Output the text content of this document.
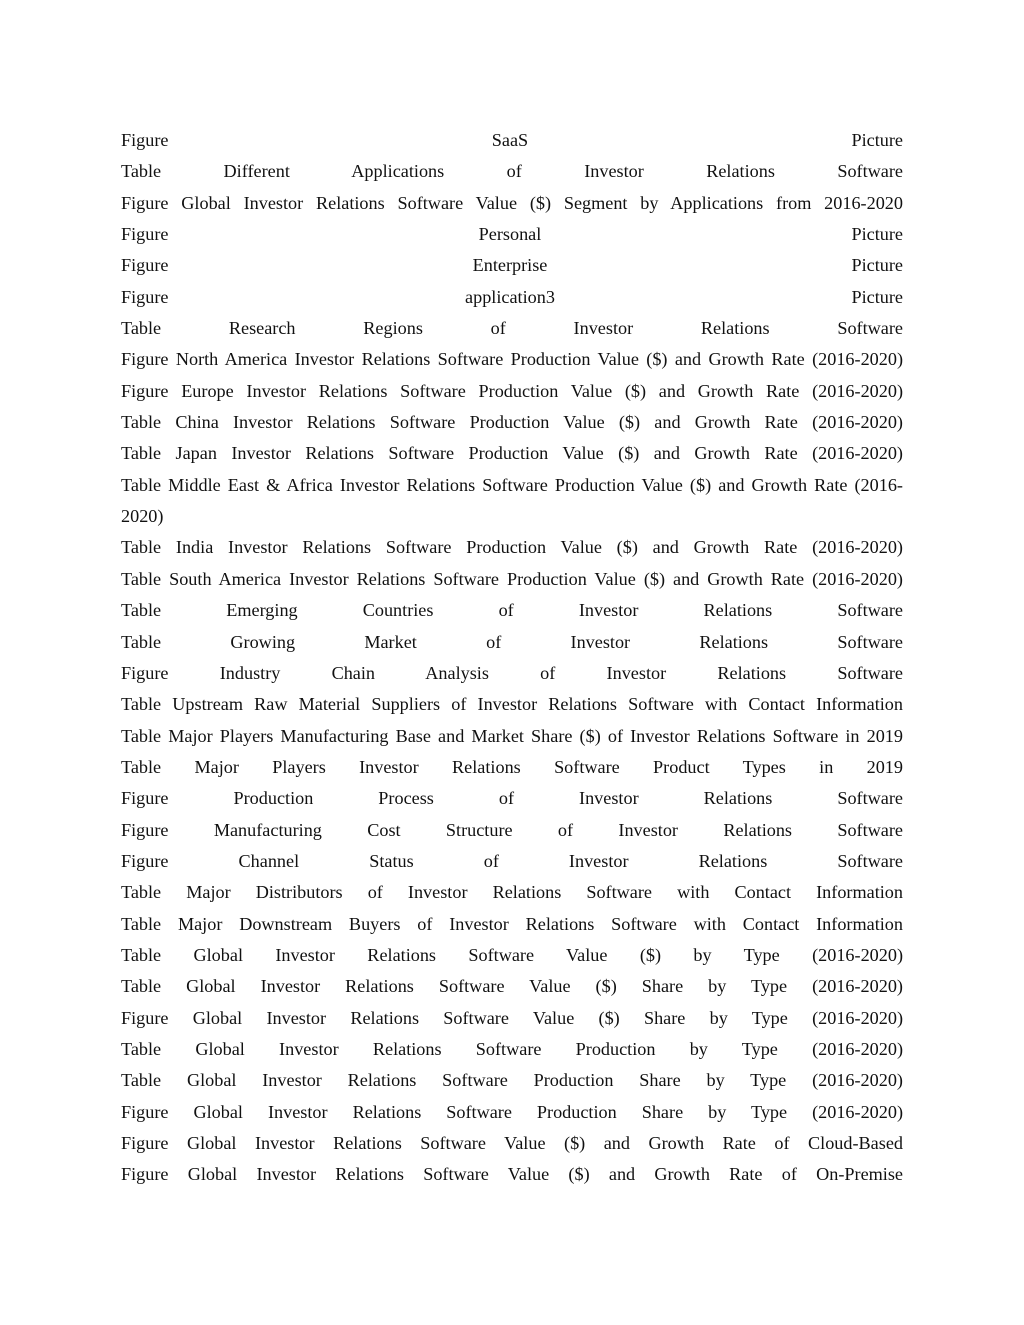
Figure SaaS Picture
Table Different Applications of Investor Relations Software
Figure Global Investor Relations Software Value ($) Segment by Applications from 2016-2020
Figure Personal Picture
Figure Enterprise Picture
Figure application3 Picture
Table Research Regions of Investor Relations Software
Figure North America Investor Relations Software Production Value ($) and Growth Rate (2016-2020)
Figure Europe Investor Relations Software Production Value ($) and Growth Rate (2016-2020)
Table China Investor Relations Software Production Value ($) and Growth Rate (2016-2020)
Table Japan Investor Relations Software Production Value ($) and Growth Rate (2016-2020)
Table Middle East & Africa Investor Relations Software Production Value ($) and Growth Rate (2016-
2020)
Table India Investor Relations Software Production Value ($) and Growth Rate (2016-2020)
Table South America Investor Relations Software Production Value ($) and Growth Rate (2016-2020)
Table Emerging Countries of Investor Relations Software
Table Growing Market of Investor Relations Software
Figure Industry Chain Analysis of Investor Relations Software
Table Upstream Raw Material Suppliers of Investor Relations Software with Contact Information
Table Major Players Manufacturing Base and Market Share ($) of Investor Relations Software in 2019
Table Major Players Investor Relations Software Product Types in 2019
Figure Production Process of Investor Relations Software
Figure Manufacturing Cost Structure of Investor Relations Software
Figure Channel Status of Investor Relations Software
Table Major Distributors of Investor Relations Software with Contact Information
Table Major Downstream Buyers of Investor Relations Software with Contact Information
Table Global Investor Relations Software Value ($) by Type (2016-2020)
Table Global Investor Relations Software Value ($) Share by Type (2016-2020)
Figure Global Investor Relations Software Value ($) Share by Type (2016-2020)
Table Global Investor Relations Software Production by Type (2016-2020)
Table Global Investor Relations Software Production Share by Type (2016-2020)
Figure Global Investor Relations Software Production Share by Type (2016-2020)
Figure Global Investor Relations Software Value ($) and Growth Rate of Cloud-Based
Figure Global Investor Relations Software Value ($) and Growth Rate of On-Premise
